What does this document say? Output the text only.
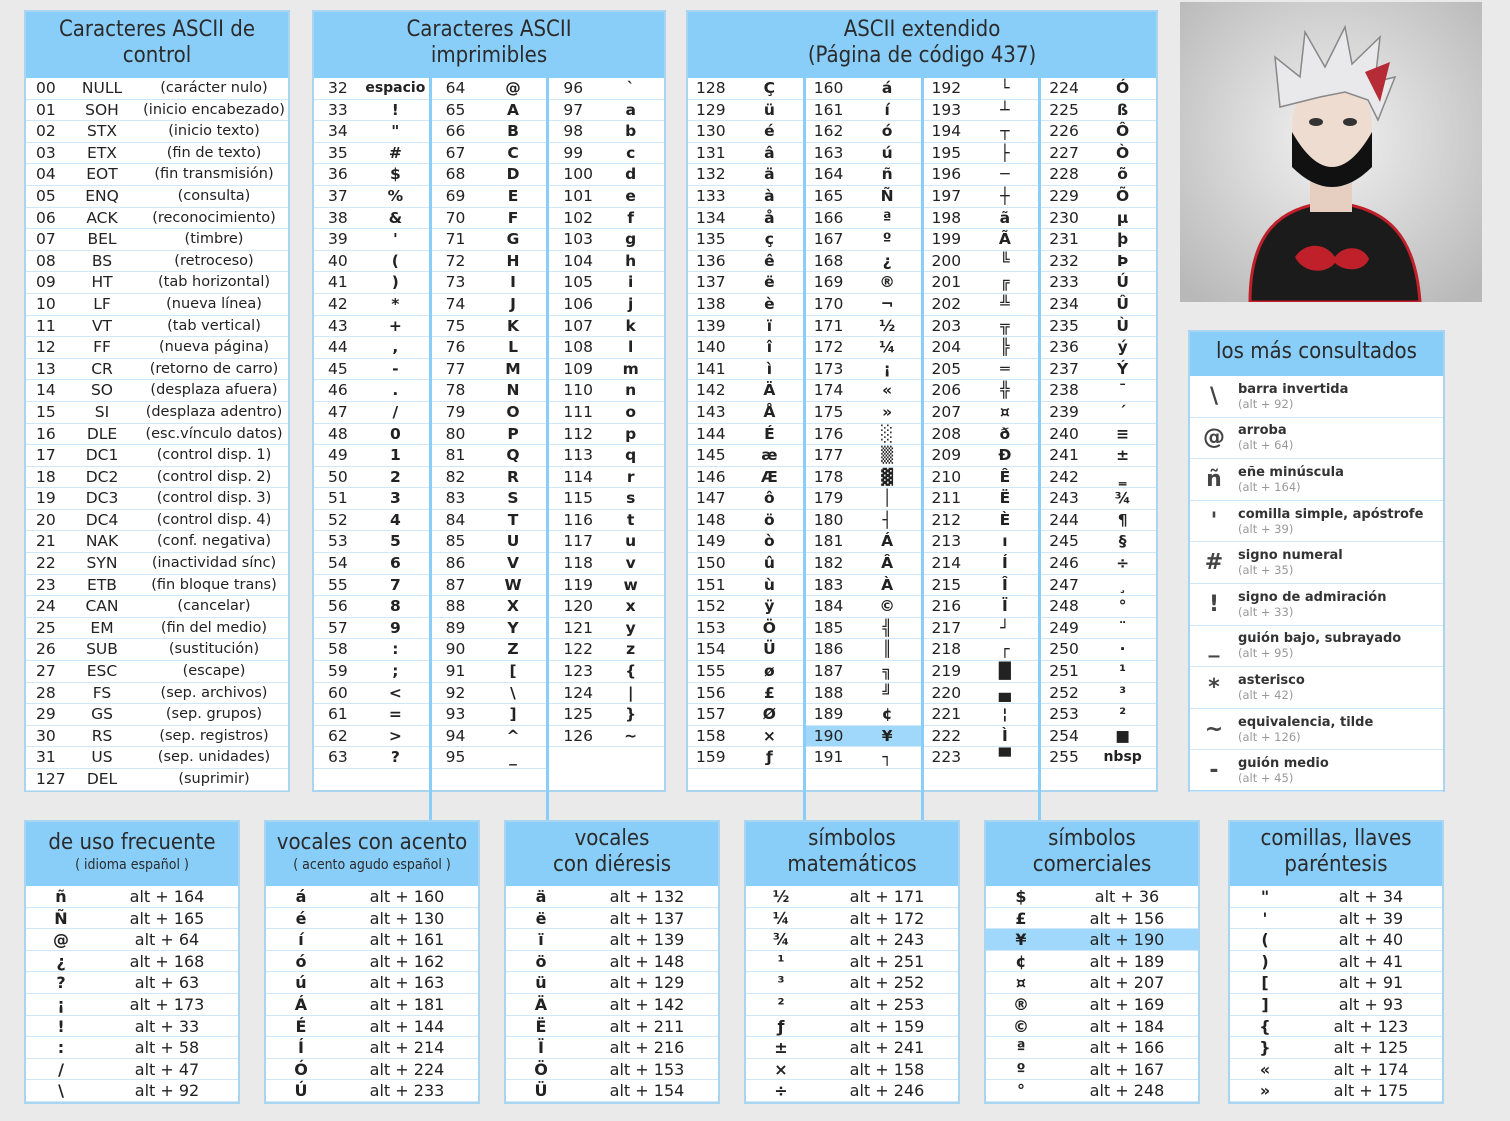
Caracteres ASCII de
control
00	NULL	(carácter nulo)
01	SOH	(inicio encabezado)
02	STX	(inicio texto)
03	ETX	(fin de texto)
04	EOT	(fin transmisión)
05	ENQ	(consulta)
06	ACK	(reconocimiento)
07	BEL	(timbre)
08	BS	(retroceso)
09	HT	(tab horizontal)
10	LF	(nueva línea)
11	VT	(tab vertical)
12	FF	(nueva página)
13	CR	(retorno de carro)
14	SO	(desplaza afuera)
15	SI	(desplaza adentro)
16	DLE	(esc.vínculo datos)
17	DC1	(control disp. 1)
18	DC2	(control disp. 2)
19	DC3	(control disp. 3)
20	DC4	(control disp. 4)
21	NAK	(conf. negativa)
22	SYN	(inactividad sínc)
23	ETB	(fin bloque trans)
24	CAN	(cancelar)
25	EM	(fin del medio)
26	SUB	(sustitución)
27	ESC	(escape)
28	FS	(sep. archivos)
29	GS	(sep. grupos)
30	RS	(sep. registros)
31	US	(sep. unidades)
127	DEL	(suprimir)
Caracteres ASCII
imprimibles
32	espacio
33	!
34	"
35	#
36	$
37	%
38	&
39	'
40	(
41	)
42	*
43	+
44	,
45	-
46	.
47	/
48	0
49	1
50	2
51	3
52	4
53	5
54	6
55	7
56	8
57	9
58	:
59	;
60	<
61	=
62	>
63	?
64	@
65	A
66	B
67	C
68	D
69	E
70	F
71	G
72	H
73	I
74	J
75	K
76	L
77	M
78	N
79	O
80	P
81	Q
82	R
83	S
84	T
85	U
86	V
87	W
88	X
89	Y
90	Z
91	[
92	\
93	]
94	^
95	_
96	`
97	a
98	b
99	c
100	d
101	e
102	f
103	g
104	h
105	i
106	j
107	k
108	l
109	m
110	n
111	o
112	p
113	q
114	r
115	s
116	t
117	u
118	v
119	w
120	x
121	y
122	z
123	{
124	|
125	}
126	~
ASCII extendido
(Página de código 437)
128	Ç
129	ü
130	é
131	â
132	ä
133	à
134	å
135	ç
136	ê
137	ë
138	è
139	ï
140	î
141	ì
142	Ä
143	Å
144	É
145	æ
146	Æ
147	ô
148	ö
149	ò
150	û
151	ù
152	ÿ
153	Ö
154	Ü
155	ø
156	£
157	Ø
158	×
159	ƒ
160	á
161	í
162	ó
163	ú
164	ñ
165	Ñ
166	ª
167	º
168	¿
169	®
170	¬
171	½
172	¼
173	¡
174	«
175	»
176	░
177	▒
178	▓
179	│
180	┤
181	Á
182	Â
183	À
184	©
185	╣
186	║
187	╗
188	╝
189	¢
190	¥
191	┐
192	└
193	┴
194	┬
195	├
196	─
197	┼
198	ã
199	Ã
200	╚
201	╔
202	╩
203	╦
204	╠
205	═
206	╬
207	¤
208	ð
209	Ð
210	Ê
211	Ë
212	È
213	ı
214	Í
215	Î
216	Ï
217	┘
218	┌
219	█
220	▄
221	¦
222	Ì
223	▀
224	Ó
225	ß
226	Ô
227	Ò
228	õ
229	Õ
230	µ
231	þ
232	Þ
233	Ú
234	Û
235	Ù
236	ý
237	Ý
238	¯
239	´
240	≡
241	±
242	‗
243	¾
244	¶
245	§
246	÷
247	¸
248	°
249	¨
250	·
251	¹
252	³
253	²
254	■
255	nbsp
los más consultados
\	barra invertida
(alt + 92)
@	arroba
(alt + 64)
ñ	eñe minúscula
(alt + 164)
'	comilla simple, apóstrofe
(alt + 39)
#	signo numeral
(alt + 35)
!	signo de admiración
(alt + 33)
_	guión bajo, subrayado
(alt + 95)
*	asterisco
(alt + 42)
~	equivalencia, tilde
(alt + 126)
-	guión medio
(alt + 45)
de uso frecuente
( idioma español )
ñ	alt + 164
Ñ	alt + 165
@	alt + 64
¿	alt + 168
?	alt + 63
¡	alt + 173
!	alt + 33
:	alt + 58
/	alt + 47
\	alt + 92
vocales con acento
( acento agudo español )
á	alt + 160
é	alt + 130
í	alt + 161
ó	alt + 162
ú	alt + 163
Á	alt + 181
É	alt + 144
Í	alt + 214
Ó	alt + 224
Ú	alt + 233
vocales
con diéresis
ä	alt + 132
ë	alt + 137
ï	alt + 139
ö	alt + 148
ü	alt + 129
Ä	alt + 142
Ë	alt + 211
Ï	alt + 216
Ö	alt + 153
Ü	alt + 154
símbolos
matemáticos
½	alt + 171
¼	alt + 172
¾	alt + 243
¹	alt + 251
³	alt + 252
²	alt + 253
ƒ	alt + 159
±	alt + 241
×	alt + 158
÷	alt + 246
símbolos
comerciales
$	alt + 36
£	alt + 156
¥	alt + 190
¢	alt + 189
¤	alt + 207
®	alt + 169
©	alt + 184
ª	alt + 166
º	alt + 167
°	alt + 248
comillas, llaves
paréntesis
"	alt + 34
'	alt + 39
(	alt + 40
)	alt + 41
[	alt + 91
]	alt + 93
{	alt + 123
}	alt + 125
«	alt + 174
»	alt + 175
